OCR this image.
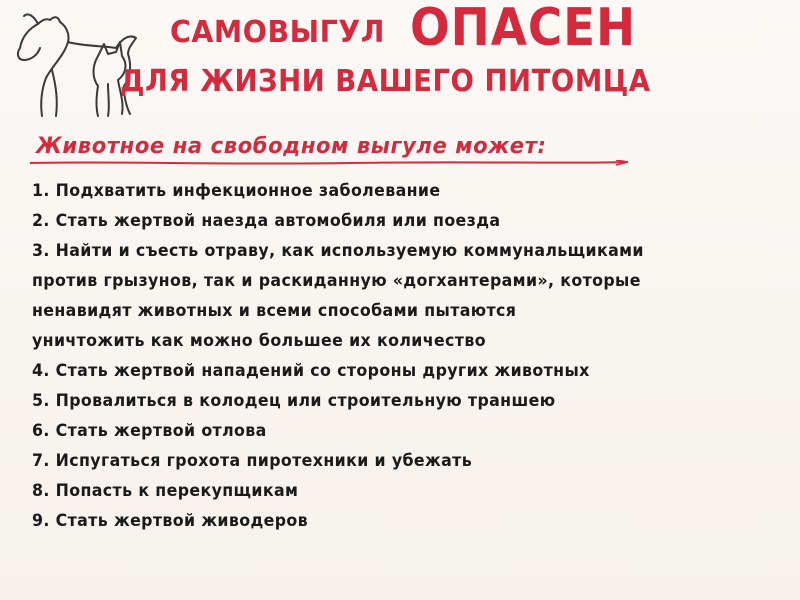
САМОВЫГУЛ ОПАСЕН
ДЛЯ ЖИЗНИ ВАШЕГО ПИТОМЦА
Животное на свободном выгуле может:
1. Подхватить инфекционное заболевание
2. Стать жертвой наезда автомобиля или поезда
3. Найти и съесть отраву, как используемую коммунальщиками
против грызунов, так и раскиданную «догхантерами», которые
ненавидят животных и всеми способами пытаются
уничтожить как можно большее их количество
4. Стать жертвой нападений со стороны других животных
5. Провалиться в колодец или строительную траншею
6. Стать жертвой отлова
7. Испугаться грохота пиротехники и убежать
8. Попасть к перекупщикам
9. Стать жертвой живодеров
